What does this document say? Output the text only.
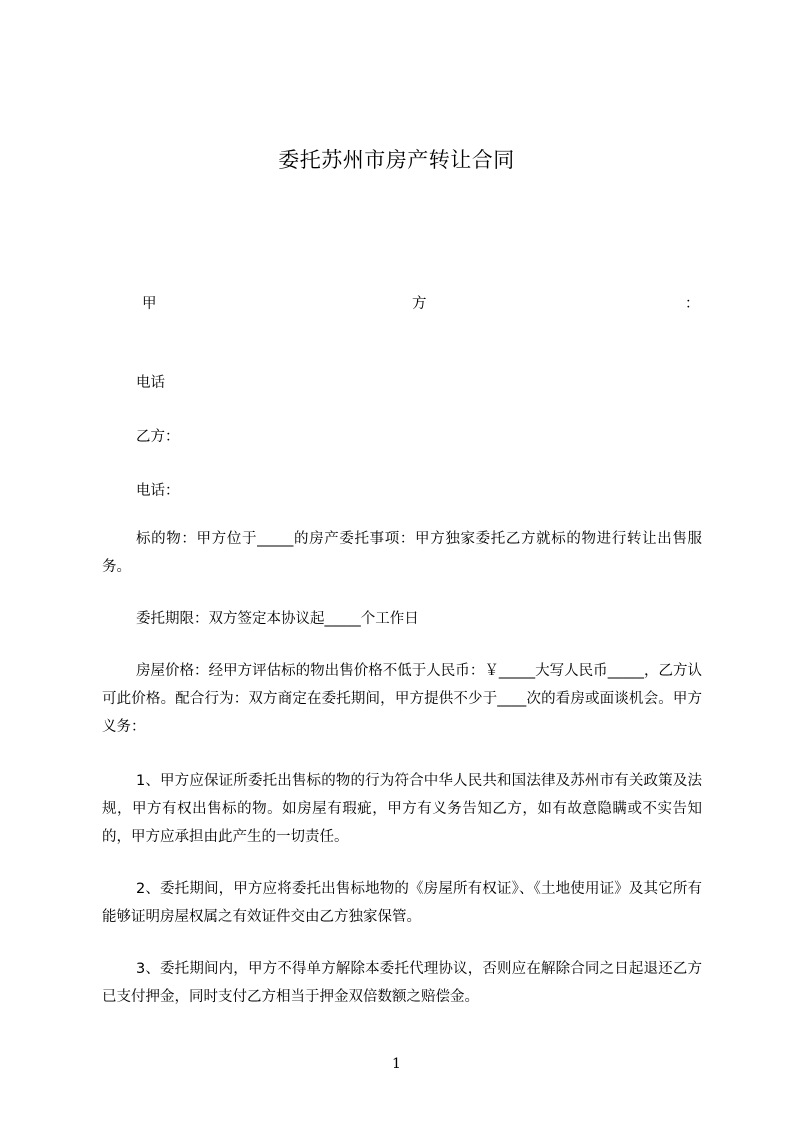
委托苏州市房产转让合同
甲	方	：
电话
乙方：
电话：
标的物：甲方位于_____的房产委托事项：甲方独家委托乙方就标的物进行转让出售服务。
委托期限：双方签定本协议起_____个工作日
房屋价格：经甲方评估标的物出售价格不低于人民币：￥_____大写人民币_____，乙方认可此价格。配合行为：双方商定在委托期间，甲方提供不少于____次的看房或面谈机会。甲方义务：
1、甲方应保证所委托出售标的物的行为符合中华人民共和国法律及苏州市有关政策及法规，甲方有权出售标的物。如房屋有瑕疵，甲方有义务告知乙方，如有故意隐瞒或不实告知的，甲方应承担由此产生的一切责任。
2、委托期间，甲方应将委托出售标地物的《房屋所有权证》、《土地使用证》及其它所有能够证明房屋权属之有效证件交由乙方独家保管。
3、委托期间内，甲方不得单方解除本委托代理协议，否则应在解除合同之日起退还乙方已支付押金，同时支付乙方相当于押金双倍数额之赔偿金。
1
